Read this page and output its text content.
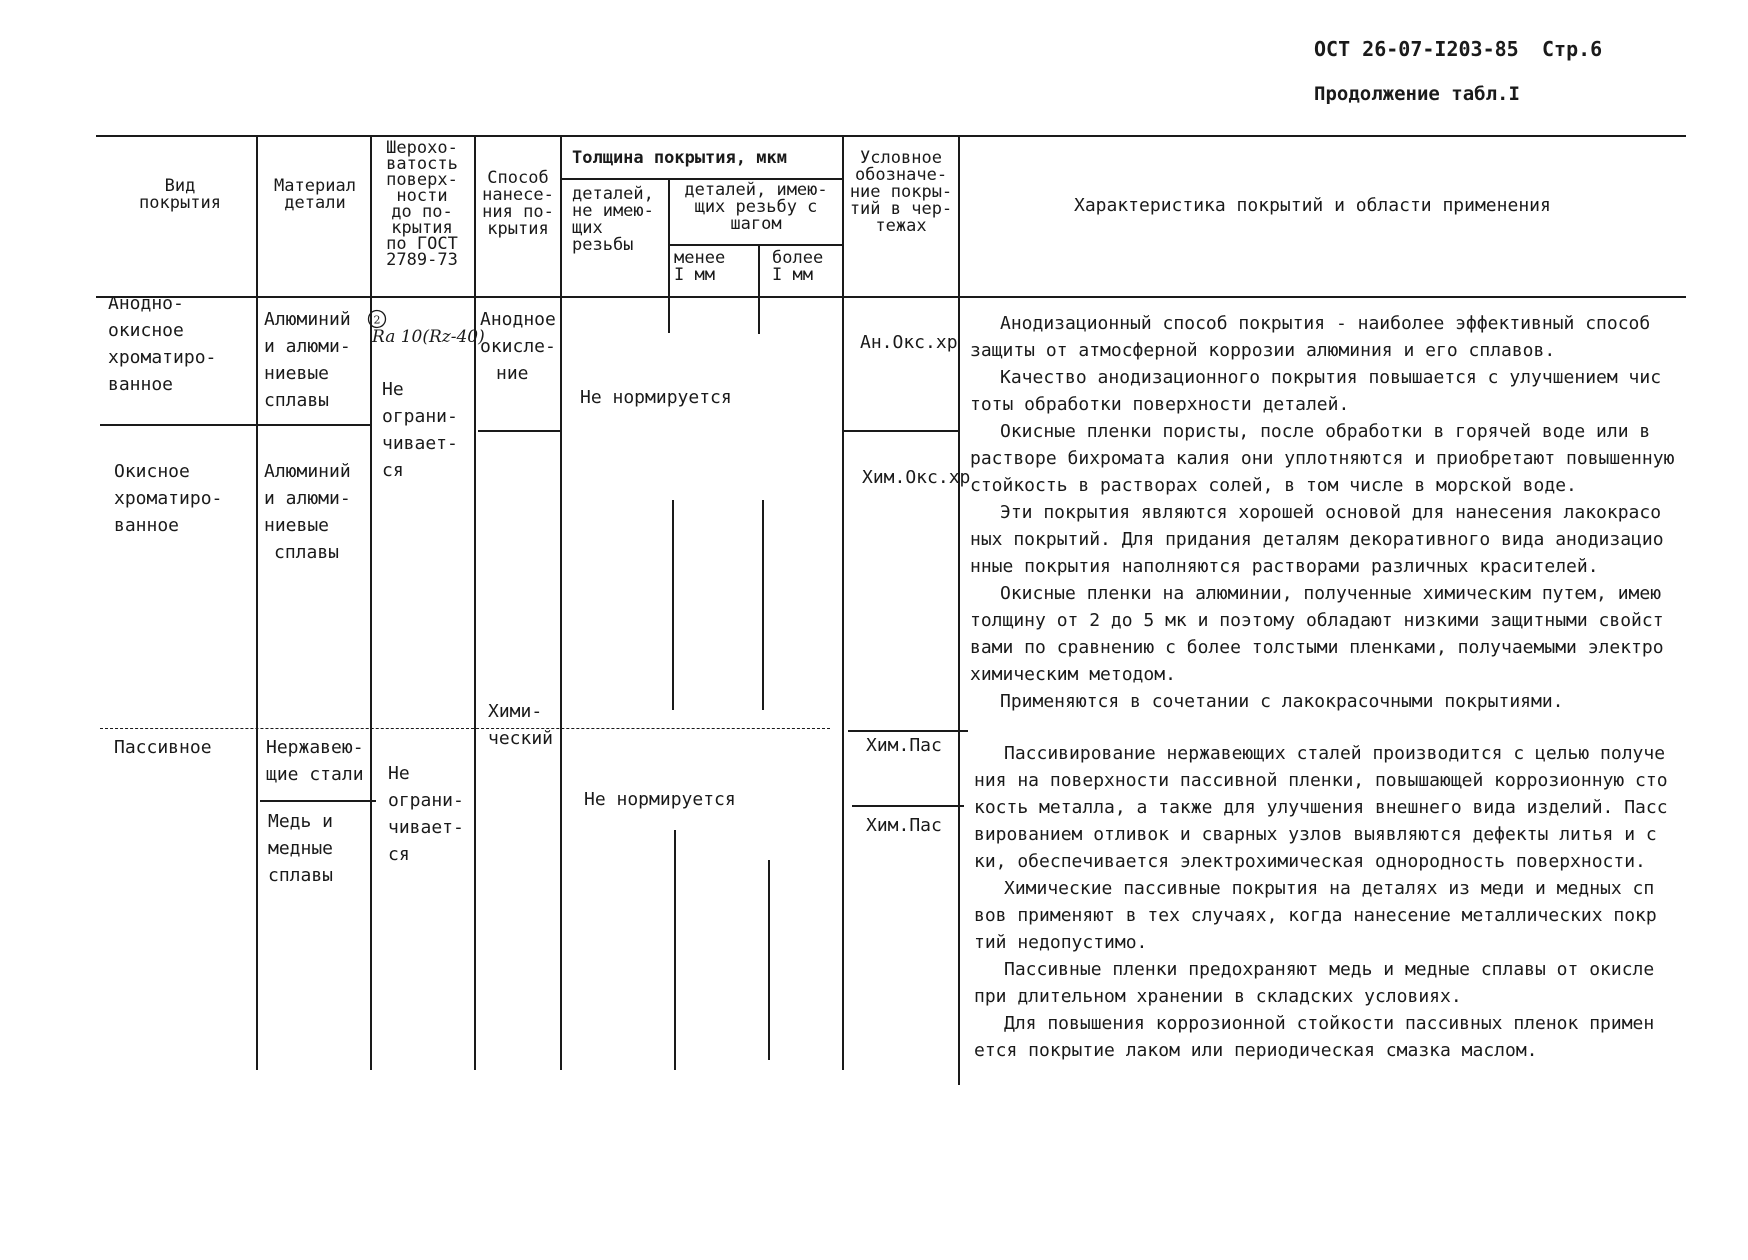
ОСТ 26-07-I203-85 Стр.6
Продолжение табл.I
Вид
покрытия
Материал
детали
Шерохо-
ватость
поверх-
ности
до по-
крытия
по ГОСТ
2789-73
Способ
нанесе-
ния по-
крытия
Толщина покрытия, мкм
деталей,
не имею-
щих
резьбы
деталей, имею-
щих резьбу с
шагом
менее
I мм
более
I мм
Условное
обозначе-
ние покры-
тий в чер-
тежах
Характеристика покрытий и области применения
Анодно-
окисное
хроматиро-
ванное
Алюминий
и алюми-
ниевые
сплавы
2
Ra 10(Rz-40)
Не
ограни-
чивает-
ся
Анодное
окисле-
ние
Не нормируется
Ан.Окс.хр
Окисное
хроматиро-
ванное
Алюминий
и алюми-
ниевые
сплавы
Хими-
ческий
Хим.Окс.хр
Пассивное	Нержавею-
щие стали
Медь и
медные
сплавы
Не
ограни-
чивает-
ся
Не нормируется
Хим.Пас
Хим.Пас
Анодизационный способ покрытия - наиболее эффективный способ
защиты от атмосферной коррозии алюминия и его сплавов.
Качество анодизационного покрытия повышается с улучшением чис
тоты обработки поверхности деталей.
Окисные пленки пористы, после обработки в горячей воде или в
растворе бихромата калия они уплотняются и приобретают повышенную
стойкость в растворах солей, в том числе в морской воде.
Эти покрытия являются хорошей основой для нанесения лакокрасо
ных покрытий. Для придания деталям декоративного вида анодизацио
нные покрытия наполняются растворами различных красителей.
Окисные пленки на алюминии, полученные химическим путем, имею
толщину от 2 до 5 мк и поэтому обладают низкими защитными свойст
вами по сравнению с более толстыми пленками, получаемыми электро
химическим методом.
Применяются в сочетании с лакокрасочными покрытиями.
Пассивирование нержавеющих сталей производится с целью получе
ния на поверхности пассивной пленки, повышающей коррозионную сто
кость металла, а также для улучшения внешнего вида изделий. Пасс
вированием отливок и сварных узлов выявляются дефекты литья и с
ки, обеспечивается электрохимическая однородность поверхности.
Химические пассивные покрытия на деталях из меди и медных сп
вов применяют в тех случаях, когда нанесение металлических покр
тий недопустимо.
Пассивные пленки предохраняют медь и медные сплавы от окисле
при длительном хранении в складских условиях.
Для повышения коррозионной стойкости пассивных пленок примен
ется покрытие лаком или периодическая смазка маслом.
